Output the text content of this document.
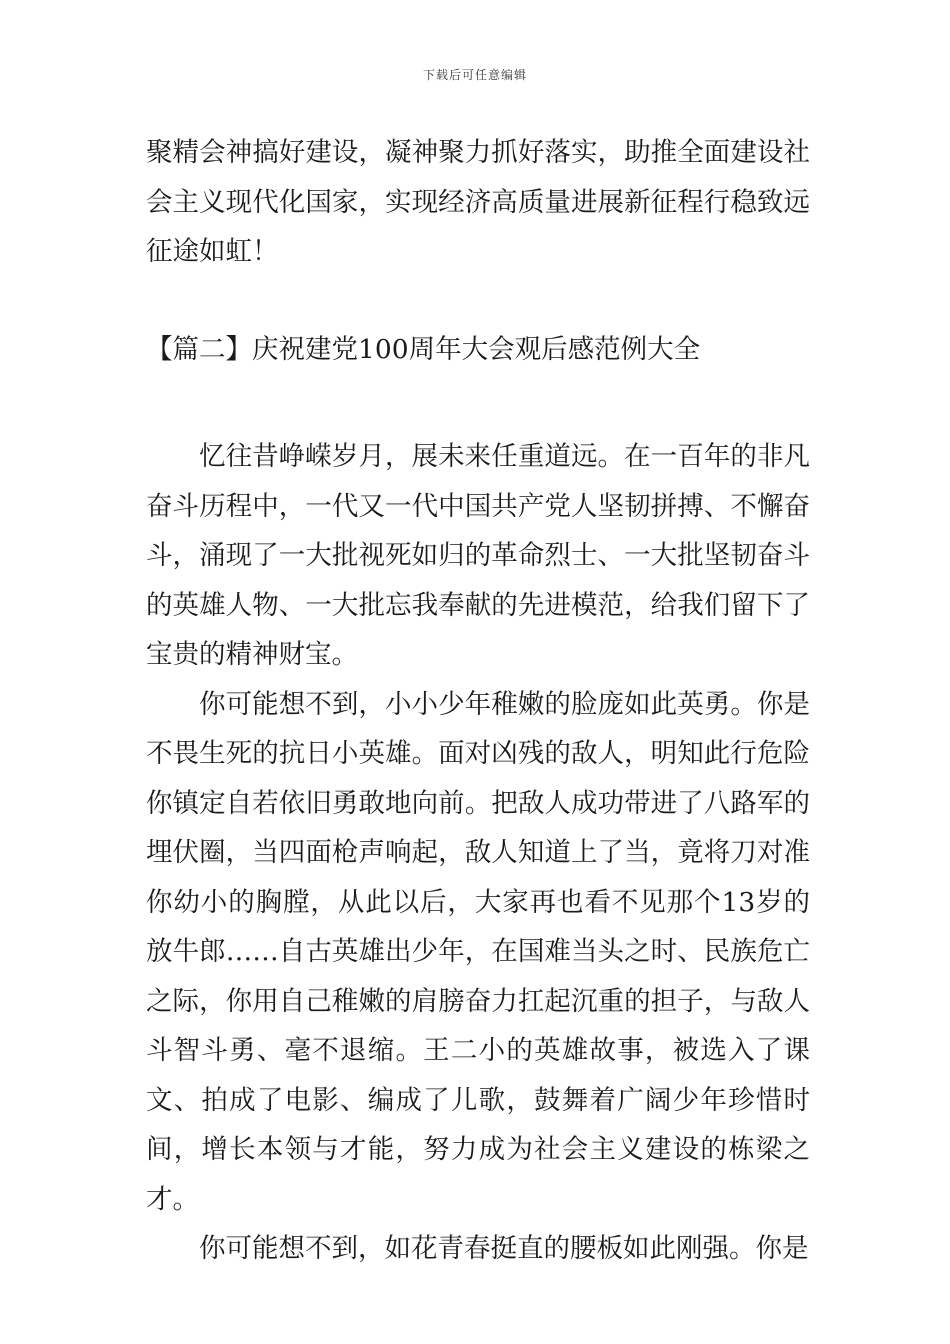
下载后可任意编辑

聚精会神搞好建设，凝神聚力抓好落实，助推全面建设社会主义现代化国家，实现经济高质量进展新征程行稳致远征途如虹！

【篇二】庆祝建党100周年大会观后感范例大全

忆往昔峥嵘岁月，展未来任重道远。在一百年的非凡奋斗历程中，一代又一代中国共产党人坚韧拼搏、不懈奋斗，涌现了一大批视死如归的革命烈士、一大批坚韧奋斗的英雄人物、一大批忘我奉献的先进模范，给我们留下了宝贵的精神财宝。

你可能想不到，小小少年稚嫩的脸庞如此英勇。你是不畏生死的抗日小英雄。面对凶残的敌人，明知此行危险你镇定自若依旧勇敢地向前。把敌人成功带进了八路军的埋伏圈，当四面枪声响起，敌人知道上了当，竟将刀对准你幼小的胸膛，从此以后，大家再也看不见那个13岁的放牛郎……自古英雄出少年，在国难当头之时、民族危亡之际，你用自己稚嫩的肩膀奋力扛起沉重的担子，与敌人斗智斗勇、毫不退缩。王二小的英雄故事，被选入了课文、拍成了电影、编成了儿歌，鼓舞着广阔少年珍惜时间，增长本领与才能，努力成为社会主义建设的栋梁之才。

你可能想不到，如花青春挺直的腰板如此刚强。你是
